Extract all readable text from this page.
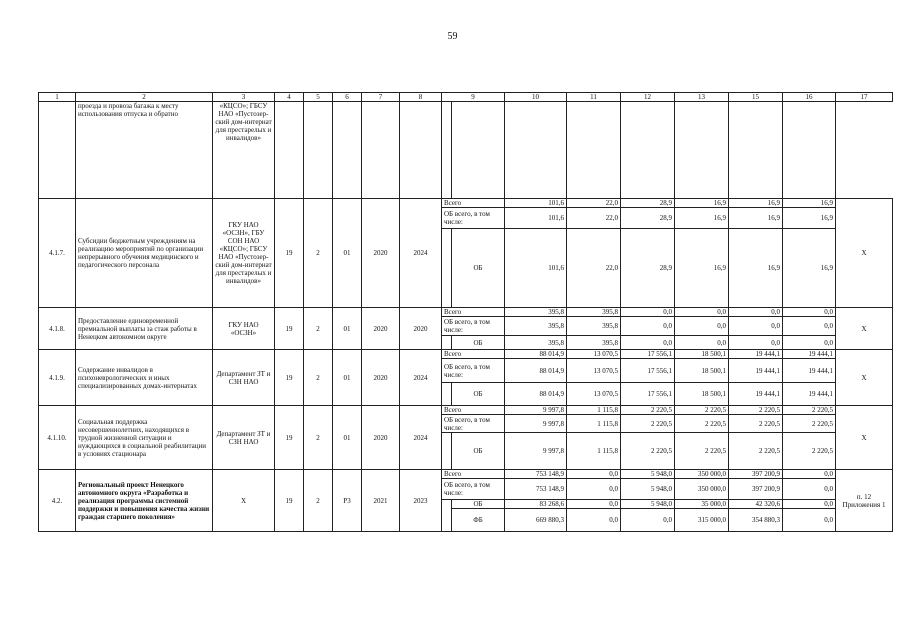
59
1	2	3	4	5	6	7	8	9		10	11	12	13	15	16	17
	проезда и провоза багажа к месту использования отпуска и обратно	«КЦСО»; ГБСУ НАО «Пустозер-ский дом-интернат для престарелых и инвалидов»														
4.1.7.	Субсидии бюджетным учреждениям на реализацию мероприятий по организации непрерывного обучения медицинского и педагогического персонала	ГКУ НАО «ОСЗН», ГБУ СОН НАО «КЦСО»; ГБСУ НАО «Пустозер-ский дом-интернат для престарелых и инвалидов»	19	2	01	2020	2024	Всего		101,6	22,0	28,9	16,9	16,9	16,9	Х
								ОБ всего, в том числе:		101,6	22,0	28,9	16,9	16,9	16,9	
									ОБ	101,6	22,0	28,9	16,9	16,9	16,9	
4.1.8.	Предоставление единовременной премиальной выплаты за стаж работы в Ненецком автономном округе	ГКУ НАО «ОСЗН»	19	2	01	2020	2020	Всего		395,8	395,8	0,0	0,0	0,0	0,0	Х
								ОБ всего, в том числе:		395,8	395,8	0,0	0,0	0,0	0,0	
									ОБ	395,8	395,8	0,0	0,0	0,0	0,0	
4.1.9.	Содержание инвалидов в психоневрологических и иных специализированных домах-интернатах	Департамент ЗТ и СЗН НАО	19	2	01	2020	2024	Всего		88 014,9	13 070,5	17 556,1	18 500,1	19 444,1	19 444,1	Х
								ОБ всего, в том числе:		88 014,9	13 070,5	17 556,1	18 500,1	19 444,1	19 444,1	
									ОБ	88 014,9	13 070,5	17 556,1	18 500,1	19 444,1	19 444,1	
4.1.10.	Социальная поддержка несовершеннолетних, находящихся в трудной жизненной ситуации и нуждающихся в социальной реабилитации в условиях стационара	Департамент ЗТ и СЗН НАО	19	2	01	2020	2024	Всего		9 997,8	1 115,8	2 220,5	2 220,5	2 220,5	2 220,5	Х
								ОБ всего, в том числе:		9 997,8	1 115,8	2 220,5	2 220,5	2 220,5	2 220,5	
									ОБ	9 997,8	1 115,8	2 220,5	2 220,5	2 220,5	2 220,5	
4.2.	Региональный проект Ненецкого автономного округа «Разработка и реализация программы системной поддержки и повышения качества жизни граждан старшего поколения»	Х	19	2	Р3	2021	2023	Всего		753 148,9	0,0	5 948,0	350 000,0	397 200,9	0,0	п. 12 Приложения 1
								ОБ всего, в том числе:		753 148,9	0,0	5 948,0	350 000,0	397 200,9	0,0	
									ОБ	83 268,6	0,0	5 948,0	35 000,0	42 320,6	0,0	
									ФБ	669 880,3	0,0	0,0	315 000,0	354 880,3	0,0	
